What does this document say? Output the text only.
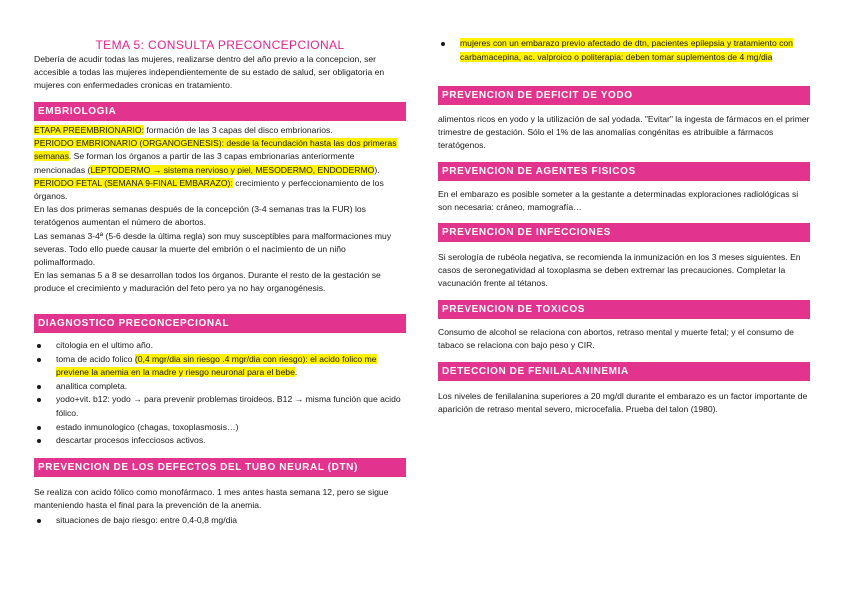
TEMA 5: CONSULTA PRECONCEPCIONAL
Debería de acudir todas las mujeres, realizarse dentro del año previo a la concepcion, ser accesible a todas las mujeres independientemente de su estado de salud, ser obligatoria en mujeres con enfermedades cronicas en tratamiento.
EMBRIOLOGIA
ETAPA PREEMBRIONARIO: formación de las 3 capas del disco embrionarios.
PERIODO EMBRIONARIO (ORGANOGENESIS): desde la fecundación hasta las dos primeras semanas. Se forman los órganos a partir de las 3 capas embrionarias anteriormente mencionadas (LEPTODERMO → sistema nervioso y piel, MESODERMO, ENDODERMO).
PERIODO FETAL (SEMANA 9-FINAL EMBARAZO): crecimiento y perfeccionamiento de los órganos.
En las dos primeras semanas después de la concepción (3-4 semanas tras la FUR) los teratógenos aumentan el número de abortos.
Las semanas 3-4ª (5-6 desde la última regla) son muy susceptibles para malformaciones muy severas. Todo ello puede causar la muerte del embrión o el nacimiento de un niño polimalformado.
En las semanas 5 a 8 se desarrollan todos los órganos. Durante el resto de la gestación se produce el crecimiento y maduración del feto pero ya no hay organogénesis.
DIAGNOSTICO PRECONCEPCIONAL
citologia en el ultimo año.
toma de acido folico (0,4 mgr/dia sin riesgo .4 mgr/dia con riesgo): el acido folico me previene la anemia en la madre y riesgo neuronal para el bebe.
analitica completa.
yodo+vit. b12: yodo → para prevenir problemas tiroideos. B12 → misma función que acido fólico.
estado inmunologico (chagas, toxoplasmosis…)
descartar procesos infecciosos activos.
PREVENCION DE LOS DEFECTOS DEL TUBO NEURAL (DTN)
Se realiza con acido fólico como monofármaco. 1 mes antes hasta semana 12, pero se sigue manteniendo hasta el final para la prevención de la anemia.
situaciones de bajo riesgo: entre 0,4-0,8 mg/dia
mujeres con un embarazo previo afectado de dtn, pacientes epilepsia y tratamiento con carbamacepina, ac. valproico o politerapia: deben tomar suplementos de 4 mg/dia
PREVENCION DE DEFICIT DE YODO
alimentos ricos en yodo y la utilización de sal yodada. "Evitar" la ingesta de fármacos en el primer trimestre de gestación. Sólo el 1% de las anomalías congénitas es atribuible a fármacos teratógenos.
PREVENCION DE AGENTES FISICOS
En el embarazo es posible someter a la gestante a determinadas exploraciones radiológicas si son necesaria: cráneo, mamografía…
PREVENCION DE INFECCIONES
Si serología de rubéola negativa, se recomienda la inmunización en los 3 meses siguientes. En casos de seronegatividad al toxoplasma se deben extremar las precauciones. Completar la vacunación frente al tétanos.
PREVENCION DE TOXICOS
Consumo de alcohol se relaciona con abortos, retraso mental y muerte fetal; y el consumo de tabaco se relaciona con bajo peso y CIR.
DETECCION DE FENILALANINEMIA
Los niveles de fenilalanina superiores a 20 mg/dl durante el embarazo es un factor importante de aparición de retraso mental severo, microcefalia. Prueba del talon (1980).
